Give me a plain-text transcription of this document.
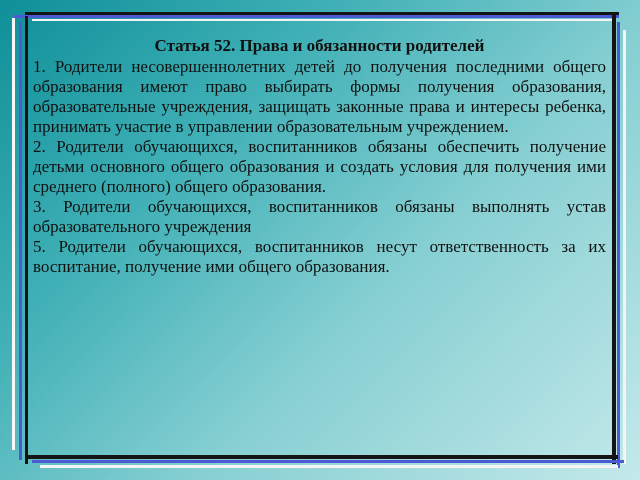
Статья 52. Права и обязанности родителей

1. Родители несовершеннолетних детей до получения последними общего образования имеют право выбирать формы получения образования, образовательные учреждения, защищать законные права и интересы ребенка, принимать участие в управлении образовательным учреждением.

2. Родители обучающихся, воспитанников обязаны обеспечить получение детьми основного общего образования и создать условия для получения ими среднего (полного) общего образования.

3. Родители обучающихся, воспитанников обязаны выполнять устав образовательного учреждения

5. Родители обучающихся, воспитанников несут ответственность за их воспитание, получение ими общего образования.
